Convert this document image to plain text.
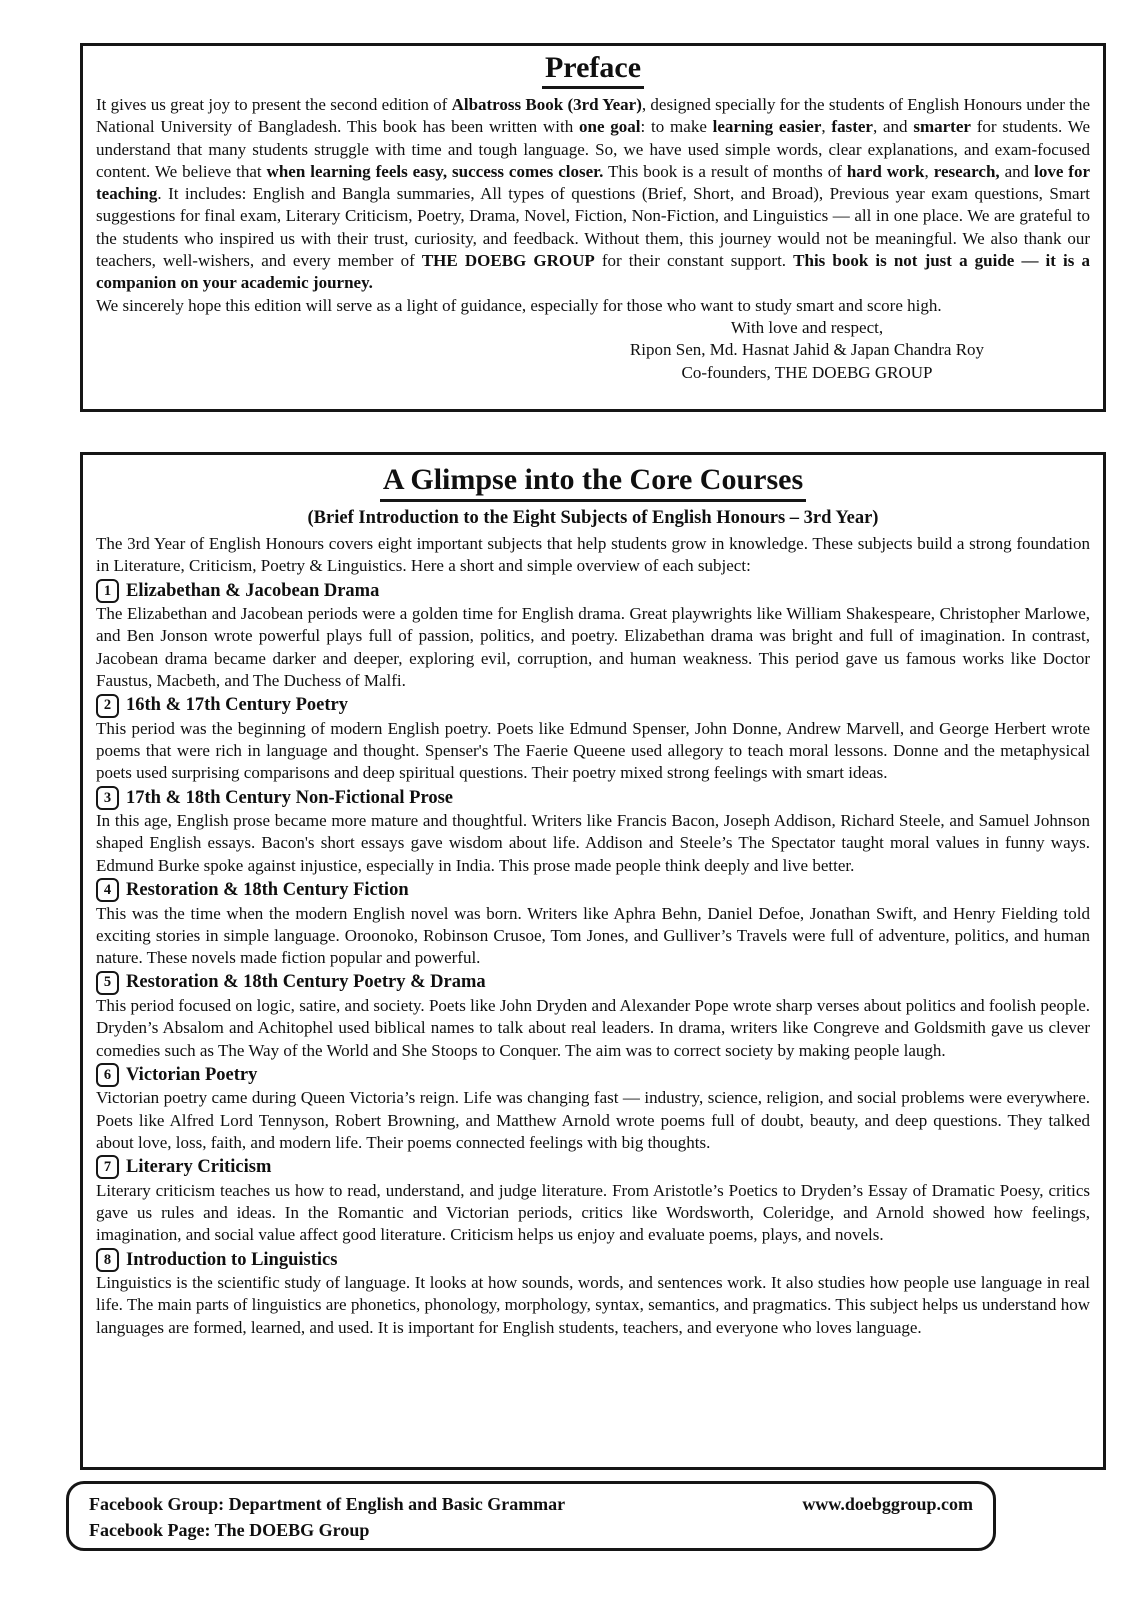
Preface

It gives us great joy to present the second edition of Albatross Book (3rd Year), designed specially for the students of English Honours under the National University of Bangladesh. This book has been written with one goal: to make learning easier, faster, and smarter for students. We understand that many students struggle with time and tough language. So, we have used simple words, clear explanations, and exam-focused content. We believe that when learning feels easy, success comes closer. This book is a result of months of hard work, research, and love for teaching. It includes: English and Bangla summaries, All types of questions (Brief, Short, and Broad), Previous year exam questions, Smart suggestions for final exam, Literary Criticism, Poetry, Drama, Novel, Fiction, Non-Fiction, and Linguistics — all in one place. We are grateful to the students who inspired us with their trust, curiosity, and feedback. Without them, this journey would not be meaningful. We also thank our teachers, well-wishers, and every member of THE DOEBG GROUP for their constant support. This book is not just a guide — it is a companion on your academic journey.

We sincerely hope this edition will serve as a light of guidance, especially for those who want to study smart and score high.

With love and respect,
Ripon Sen, Md. Hasnat Jahid & Japan Chandra Roy
Co-founders, THE DOEBG GROUP
A Glimpse into the Core Courses
(Brief Introduction to the Eight Subjects of English Honours – 3rd Year)

The 3rd Year of English Honours covers eight important subjects that help students grow in knowledge. These subjects build a strong foundation in Literature, Criticism, Poetry & Linguistics. Here a short and simple overview of each subject:

1 Elizabethan & Jacobean Drama

The Elizabethan and Jacobean periods were a golden time for English drama. Great playwrights like William Shakespeare, Christopher Marlowe, and Ben Jonson wrote powerful plays full of passion, politics, and poetry. Elizabethan drama was bright and full of imagination. In contrast, Jacobean drama became darker and deeper, exploring evil, corruption, and human weakness. This period gave us famous works like Doctor Faustus, Macbeth, and The Duchess of Malfi.

2 16th & 17th Century Poetry

This period was the beginning of modern English poetry. Poets like Edmund Spenser, John Donne, Andrew Marvell, and George Herbert wrote poems that were rich in language and thought. Spenser's The Faerie Queene used allegory to teach moral lessons. Donne and the metaphysical poets used surprising comparisons and deep spiritual questions. Their poetry mixed strong feelings with smart ideas.

3 17th & 18th Century Non-Fictional Prose

In this age, English prose became more mature and thoughtful. Writers like Francis Bacon, Joseph Addison, Richard Steele, and Samuel Johnson shaped English essays. Bacon's short essays gave wisdom about life. Addison and Steele’s The Spectator taught moral values in funny ways. Edmund Burke spoke against injustice, especially in India. This prose made people think deeply and live better.

4 Restoration & 18th Century Fiction

This was the time when the modern English novel was born. Writers like Aphra Behn, Daniel Defoe, Jonathan Swift, and Henry Fielding told exciting stories in simple language. Oroonoko, Robinson Crusoe, Tom Jones, and Gulliver’s Travels were full of adventure, politics, and human nature. These novels made fiction popular and powerful.

5 Restoration & 18th Century Poetry & Drama

This period focused on logic, satire, and society. Poets like John Dryden and Alexander Pope wrote sharp verses about politics and foolish people. Dryden’s Absalom and Achitophel used biblical names to talk about real leaders. In drama, writers like Congreve and Goldsmith gave us clever comedies such as The Way of the World and She Stoops to Conquer. The aim was to correct society by making people laugh.

6 Victorian Poetry

Victorian poetry came during Queen Victoria’s reign. Life was changing fast — industry, science, religion, and social problems were everywhere. Poets like Alfred Lord Tennyson, Robert Browning, and Matthew Arnold wrote poems full of doubt, beauty, and deep questions. They talked about love, loss, faith, and modern life. Their poems connected feelings with big thoughts.

7 Literary Criticism

Literary criticism teaches us how to read, understand, and judge literature. From Aristotle’s Poetics to Dryden’s Essay of Dramatic Poesy, critics gave us rules and ideas. In the Romantic and Victorian periods, critics like Wordsworth, Coleridge, and Arnold showed how feelings, imagination, and social value affect good literature. Criticism helps us enjoy and evaluate poems, plays, and novels.

8 Introduction to Linguistics

Linguistics is the scientific study of language. It looks at how sounds, words, and sentences work. It also studies how people use language in real life. The main parts of linguistics are phonetics, phonology, morphology, syntax, semantics, and pragmatics. This subject helps us understand how languages are formed, learned, and used. It is important for English students, teachers, and everyone who loves language.

Facebook Group: Department of English and Basic Grammar	www.doebggroup.com
Facebook Page: The DOEBG Group
